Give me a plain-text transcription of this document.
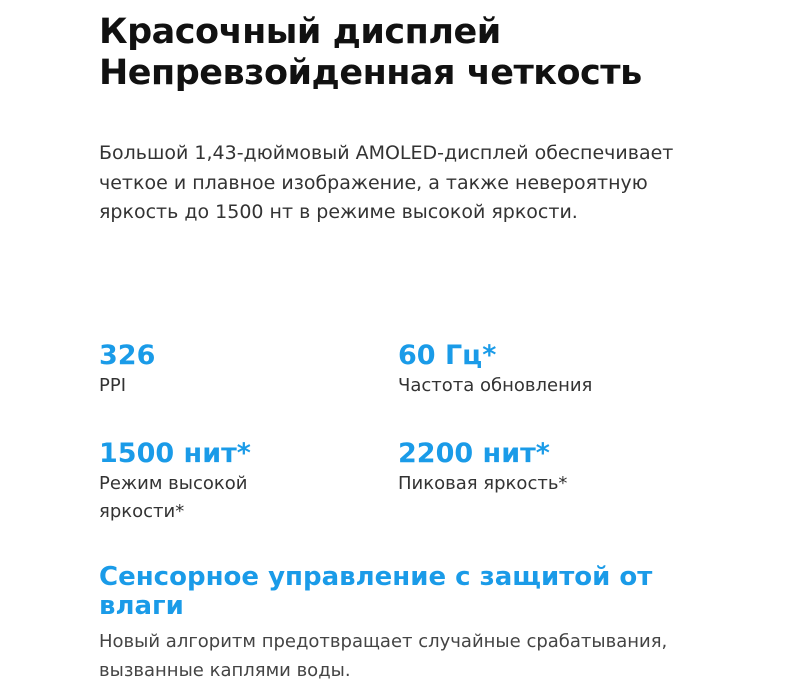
Красочный дисплей
Непревзойденная четкость
Большой 1,43-дюймовый AMOLED-дисплей обеспечивает четкое и плавное изображение, а также невероятную яркость до 1500 нт в режиме высокой яркости.
326
PPI
60 Гц*
Частота обновления
1500 нит*
Режим высокой яркости*
2200 нит*
Пиковая яркость*
Сенсорное управление с защитой от влаги
Новый алгоритм предотвращает случайные срабатывания, вызванные каплями воды.
